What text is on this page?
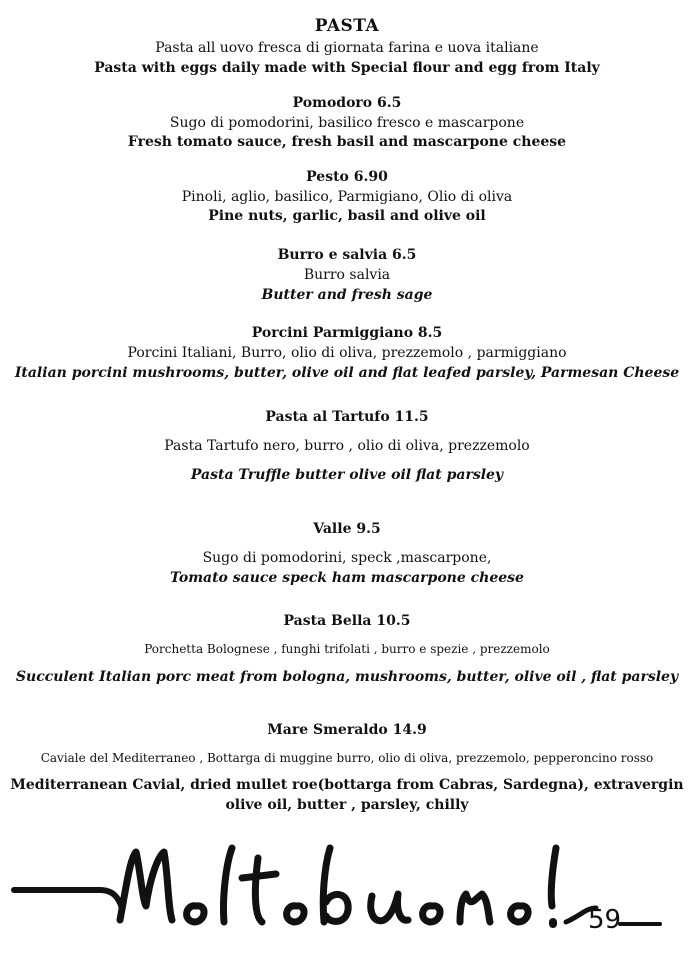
PASTA
Pasta all uovo fresca di giornata farina e uova italiane
Pasta with eggs daily made with Special flour and egg from Italy
Pomodoro 6.5
Sugo di pomodorini, basilico fresco e mascarpone
Fresh tomato sauce, fresh basil and mascarpone cheese
Pesto 6.90
Pinoli, aglio, basilico, Parmigiano, Olio di oliva
Pine nuts, garlic, basil and olive oil
Burro e salvia 6.5
Burro salvia
Butter and fresh sage
Porcini Parmiggiano 8.5
Porcini Italiani, Burro, olio di oliva, prezzemolo , parmiggiano
Italian porcini mushrooms, butter, olive oil and flat leafed parsley, Parmesan Cheese
Pasta al Tartufo 11.5
Pasta Tartufo nero, burro , olio di oliva, prezzemolo
Pasta Truffle butter olive oil flat parsley
Valle 9.5
Sugo di pomodorini, speck ,mascarpone,
Tomato sauce speck ham mascarpone cheese
Pasta Bella 10.5
Porchetta Bolognese , funghi trifolati , burro e spezie , prezzemolo
Succulent Italian porc meat from bologna, mushrooms, butter, olive oil , flat parsley
Mare Smeraldo 14.9
Caviale del Mediterraneo , Bottarga di muggine burro, olio di oliva, prezzemolo, pepperoncino rosso
Mediterranean Cavial, dried mullet roe(bottarga from Cabras, Sardegna), extravergin olive oil, butter , parsley, chilly
59
